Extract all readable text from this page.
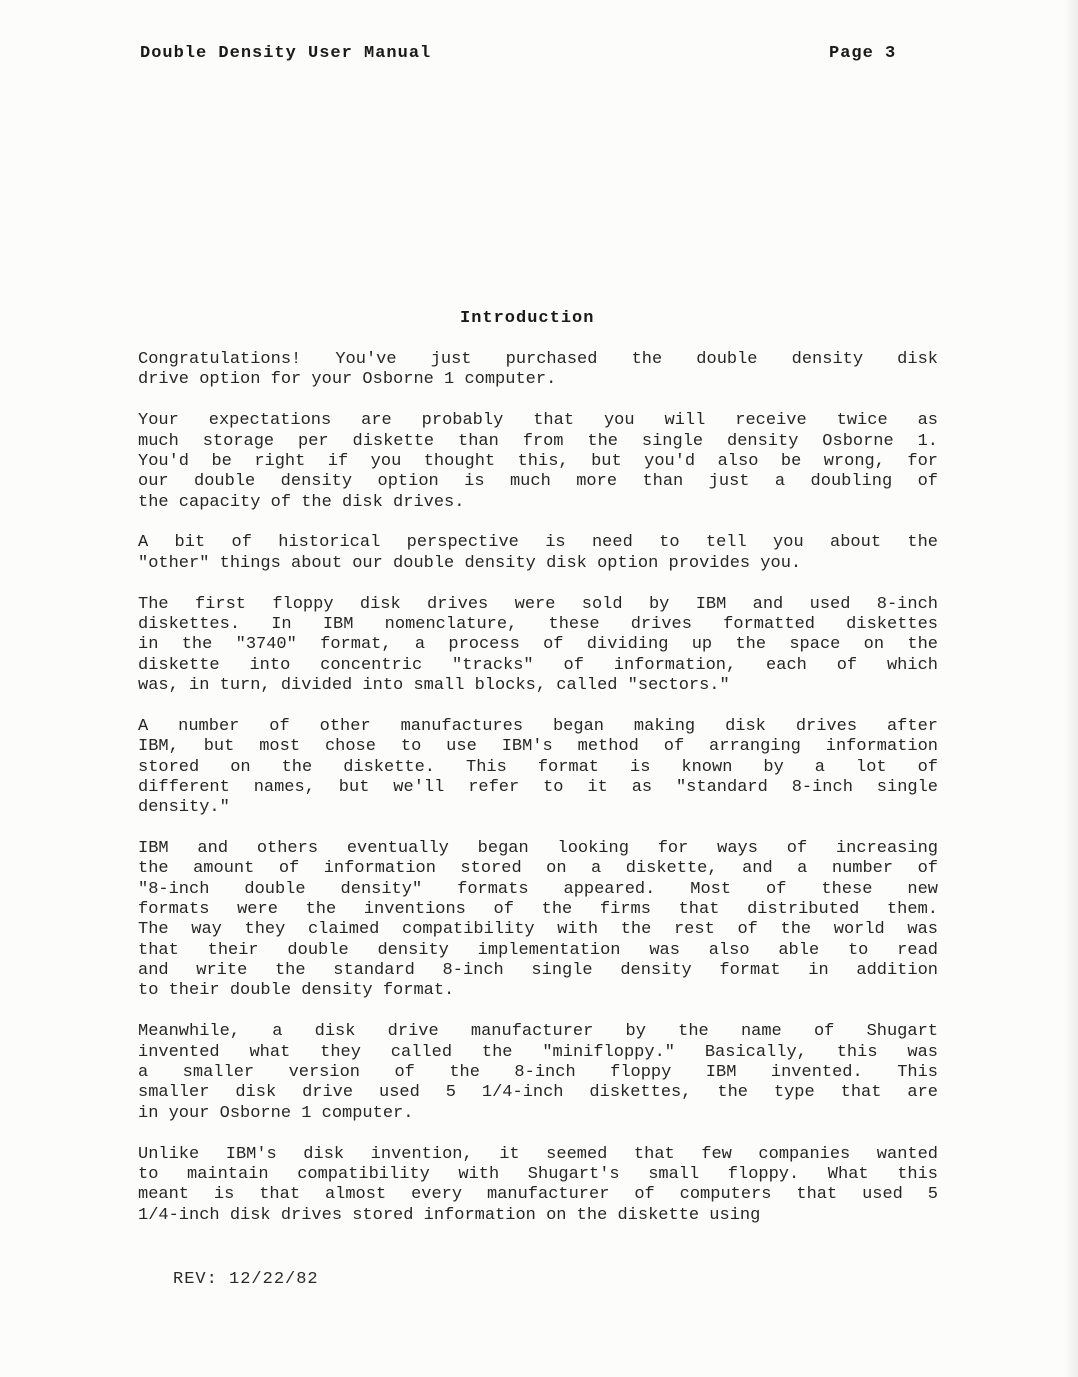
Double Density User Manual	Page 3
Introduction
Congratulations! You've just purchased the double density disk
drive option for your Osborne 1 computer.
Your expectations are probably that you will receive twice as
much storage per diskette than from the single density Osborne 1.
You'd be right if you thought this, but you'd also be wrong, for
our double density option is much more than just a doubling of
the capacity of the disk drives.
A bit of historical perspective is need to tell you about the
"other" things about our double density disk option provides you.
The first floppy disk drives were sold by IBM and used 8-inch
diskettes. In IBM nomenclature, these drives formatted diskettes
in the "3740" format, a process of dividing up the space on the
diskette into concentric "tracks" of information, each of which
was, in turn, divided into small blocks, called "sectors."
A number of other manufactures began making disk drives after
IBM, but most chose to use IBM's method of arranging information
stored on the diskette. This format is known by a lot of
different names, but we'll refer to it as "standard 8-inch single
density."
IBM and others eventually began looking for ways of increasing
the amount of information stored on a diskette, and a number of
"8-inch double density" formats appeared. Most of these new
formats were the inventions of the firms that distributed them.
The way they claimed compatibility with the rest of the world was
that their double density implementation was also able to read
and write the standard 8-inch single density format in addition
to their double density format.
Meanwhile, a disk drive manufacturer by the name of Shugart
invented what they called the "minifloppy." Basically, this was
a smaller version of the 8-inch floppy IBM invented. This
smaller disk drive used 5 1/4-inch diskettes, the type that are
in your Osborne 1 computer.
Unlike IBM's disk invention, it seemed that few companies wanted
to maintain compatibility with Shugart's small floppy. What this
meant is that almost every manufacturer of computers that used 5
1/4-inch disk drives stored information on the diskette using
REV: 12/22/82
